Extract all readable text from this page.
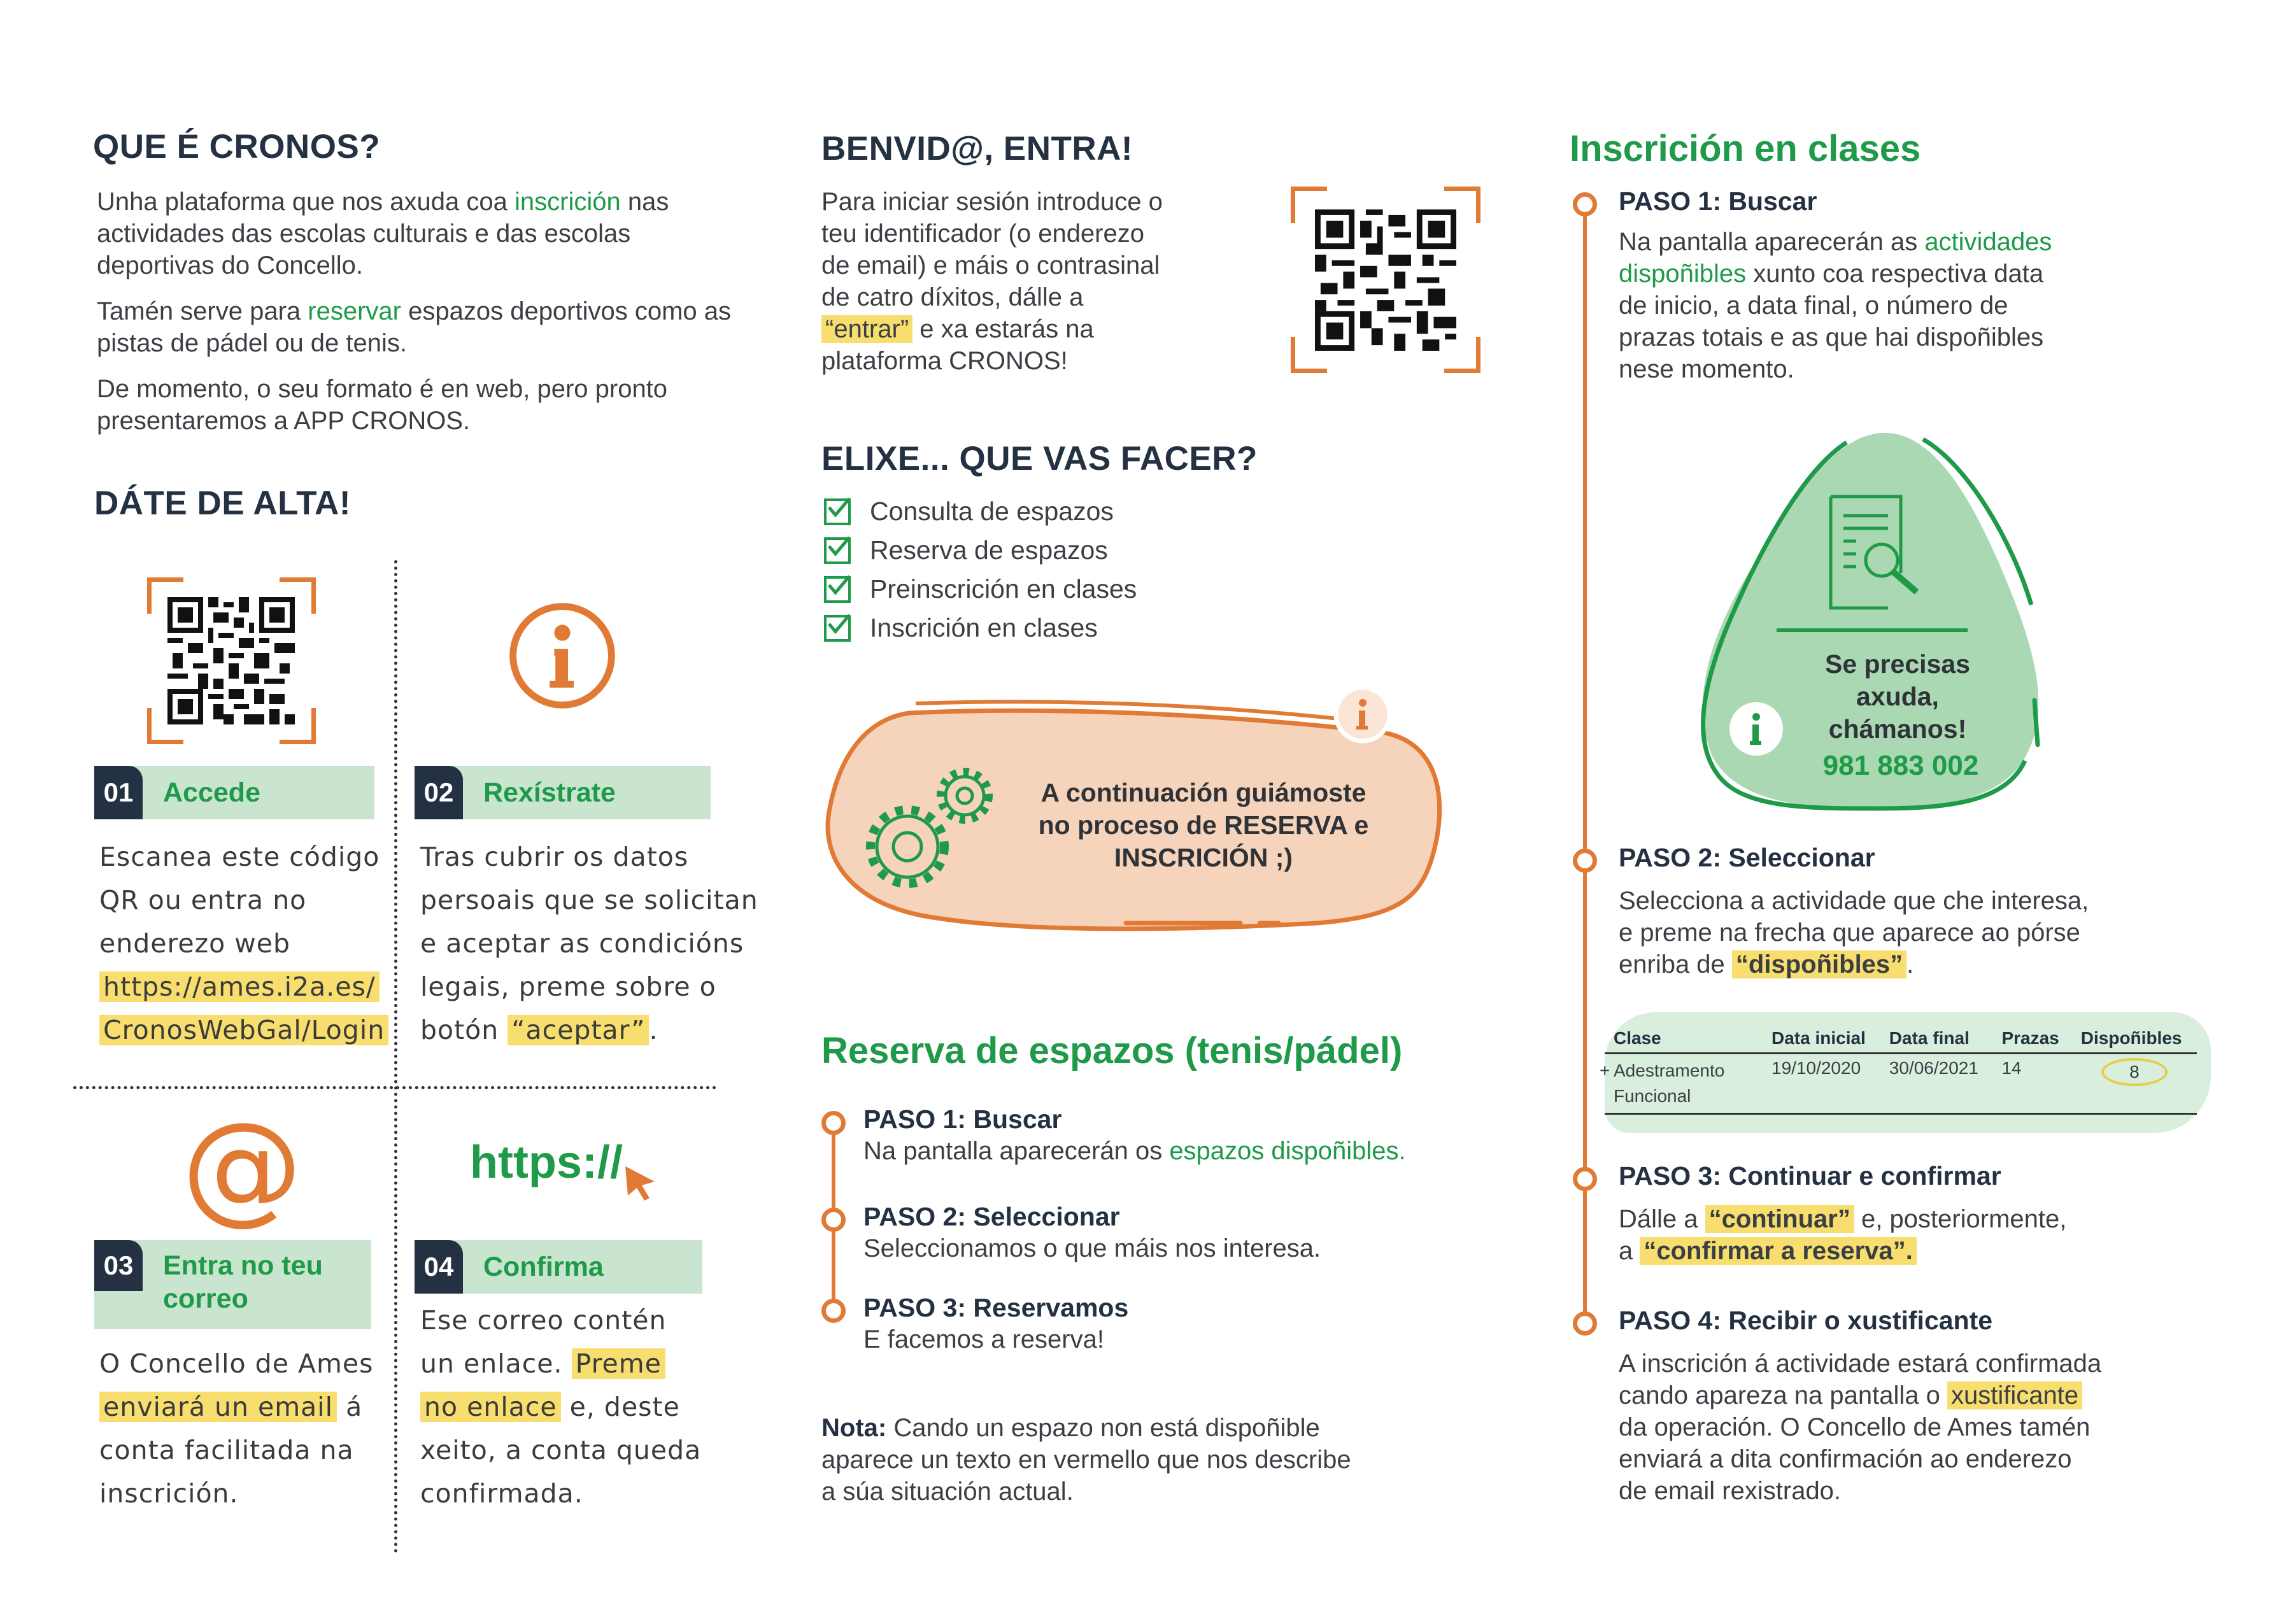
QUE É CRONOS?

Unha plataforma que nos axuda coa inscrición nas actividades das escolas culturais e das escolas deportivas do Concello.

Tamén serve para reservar espazos deportivos como as pistas de pádel ou de tenis.

De momento, o seu formato é en web, pero pronto presentaremos a APP CRONOS.

DÁTE DE ALTA!
01	Accede
Escanea este código
QR ou entra no
enderezo web
https://ames.i2a.es/
CronosWebGal/Login
02	Rexístrate
Tras cubrir os datos
persoais que se solicitan
e aceptar as condicións
legais, preme sobre o
botón “aceptar” .
@	https://
03	Entra no teu correo
O Concello de Ames
enviará un email á
conta facilitada na
inscrición.
04	Confirma
Ese correo contén
un enlace. Preme
no enlace e, deste
xeito, a conta queda
confirmada.
BENVID@, ENTRA!
Para iniciar sesión introduce o
teu identificador (o enderezo
de email) e máis o contrasinal
de catro díxitos, dálle a
“entrar” e xa estarás na
plataforma CRONOS!
ELIXE... QUE VAS FACER?
Consulta de espazos
Reserva de espazos
Preinscrición en clases
Inscrición en clases
A continuación guiámoste
no proceso de RESERVA e
INSCRICIÓN ;)
Reserva de espazos (tenis/pádel)
PASO 1: Buscar
Na pantalla aparecerán os espazos dispoñibles.
PASO 2: Seleccionar
Seleccionamos o que máis nos interesa.
PASO 3: Reservamos
E facemos a reserva!
Nota: Cando un espazo non está dispoñible
aparece un texto en vermello que nos describe
a súa situación actual.
Inscrición en clases
PASO 1: Buscar
Na pantalla aparecerán as actividades
dispoñibles xunto coa respectiva data
de inicio, a data final, o número de
prazas totais e as que hai dispoñibles
nese momento.
Se precisas
axuda,
chámanos!
981 883 002
PASO 2: Seleccionar
Selecciona a actividade que che interesa,
e preme na frecha que aparece ao pórse
enriba de “dispoñibles” .
Clase	Data inicial	Data final	Prazas	Dispoñibles

+ Adestramento Funcional	19/10/2020	30/06/2021	14	8
PASO 3: Continuar e confirmar
Dálle a “continuar” e, posteriormente,
a “confirmar a reserva”.
PASO 4: Recibir o xustificante
A inscrición á actividade estará confirmada
cando apareza na pantalla o xustificante
da operación. O Concello de Ames tamén
enviará a dita confirmación ao enderezo
de email rexistrado.
